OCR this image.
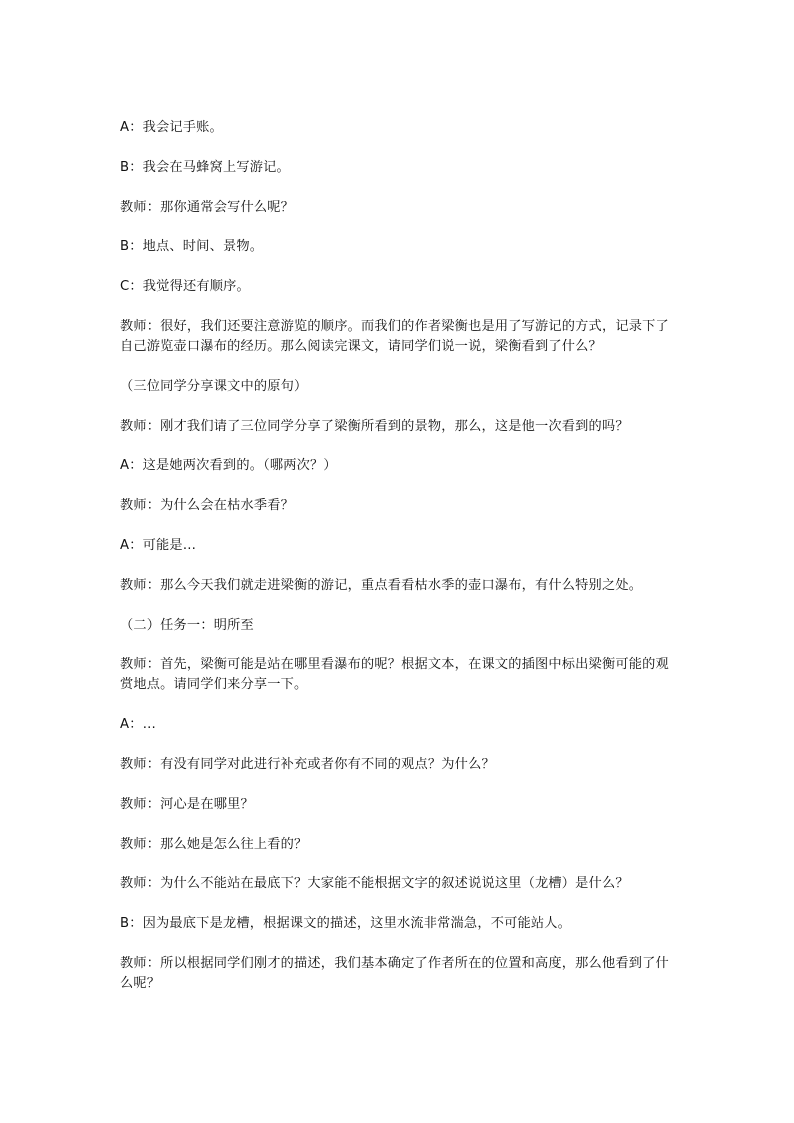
A：我会记手账。

B：我会在马蜂窝上写游记。

教师：那你通常会写什么呢？

B：地点、时间、景物。

C：我觉得还有顺序。

教师：很好，我们还要注意游览的顺序。而我们的作者梁衡也是用了写游记的方式，记录下了自己游览壶口瀑布的经历。那么阅读完课文，请同学们说一说，梁衡看到了什么？

（三位同学分享课文中的原句）

教师：刚才我们请了三位同学分享了梁衡所看到的景物，那么，这是他一次看到的吗？

A：这是她两次看到的。（哪两次？）

教师：为什么会在枯水季看？

A：可能是…

教师：那么今天我们就走进梁衡的游记，重点看看枯水季的壶口瀑布，有什么特别之处。

（二）任务一：明所至

教师：首先，梁衡可能是站在哪里看瀑布的呢？根据文本，在课文的插图中标出梁衡可能的观赏地点。请同学们来分享一下。

A：…

教师：有没有同学对此进行补充或者你有不同的观点？为什么？

教师：河心是在哪里？

教师：那么她是怎么往上看的？

教师：为什么不能站在最底下？大家能不能根据文字的叙述说说这里（龙槽）是什么？

B：因为最底下是龙槽，根据课文的描述，这里水流非常湍急，不可能站人。

教师：所以根据同学们刚才的描述，我们基本确定了作者所在的位置和高度，那么他看到了什么呢？
